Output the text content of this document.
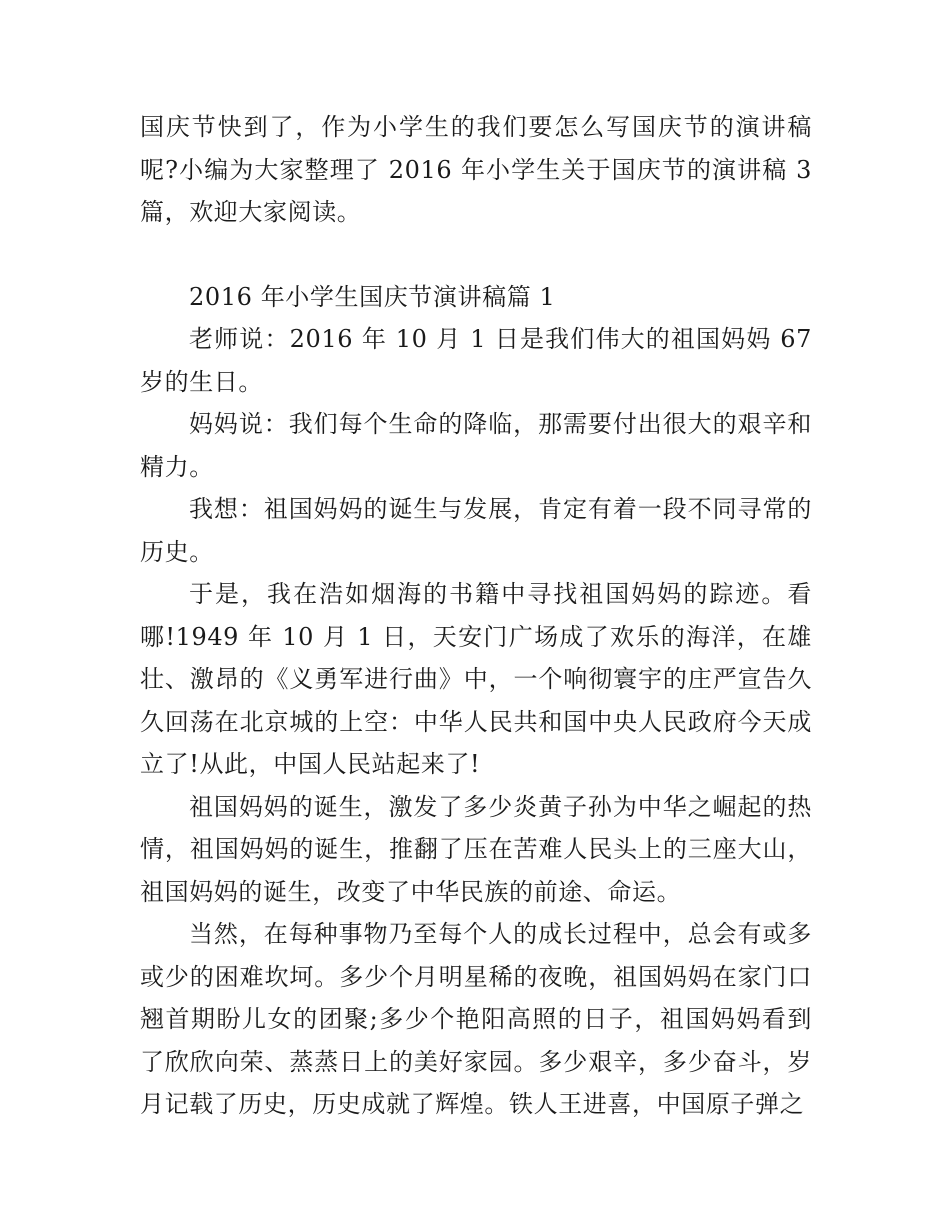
国庆节快到了，作为小学生的我们要怎么写国庆节的演讲稿呢?小编为大家整理了 2016 年小学生关于国庆节的演讲稿 3 篇，欢迎大家阅读。

2016 年小学生国庆节演讲稿篇 1

老师说：2016 年 10 月 1 日是我们伟大的祖国妈妈 67 岁的生日。

妈妈说：我们每个生命的降临，那需要付出很大的艰辛和精力。

我想：祖国妈妈的诞生与发展，肯定有着一段不同寻常的历史。

于是，我在浩如烟海的书籍中寻找祖国妈妈的踪迹。看哪!1949 年 10 月 1 日，天安门广场成了欢乐的海洋，在雄壮、激昂的《义勇军进行曲》中，一个响彻寰宇的庄严宣告久久回荡在北京城的上空：中华人民共和国中央人民政府今天成立了!从此，中国人民站起来了!

祖国妈妈的诞生，激发了多少炎黄子孙为中华之崛起的热情，祖国妈妈的诞生，推翻了压在苦难人民头上的三座大山，祖国妈妈的诞生，改变了中华民族的前途、命运。

当然，在每种事物乃至每个人的成长过程中，总会有或多或少的困难坎坷。多少个月明星稀的夜晚，祖国妈妈在家门口翘首期盼儿女的团聚;多少个艳阳高照的日子，祖国妈妈看到了欣欣向荣、蒸蒸日上的美好家园。多少艰辛，多少奋斗，岁月记载了历史，历史成就了辉煌。铁人王进喜，中国原子弹之
